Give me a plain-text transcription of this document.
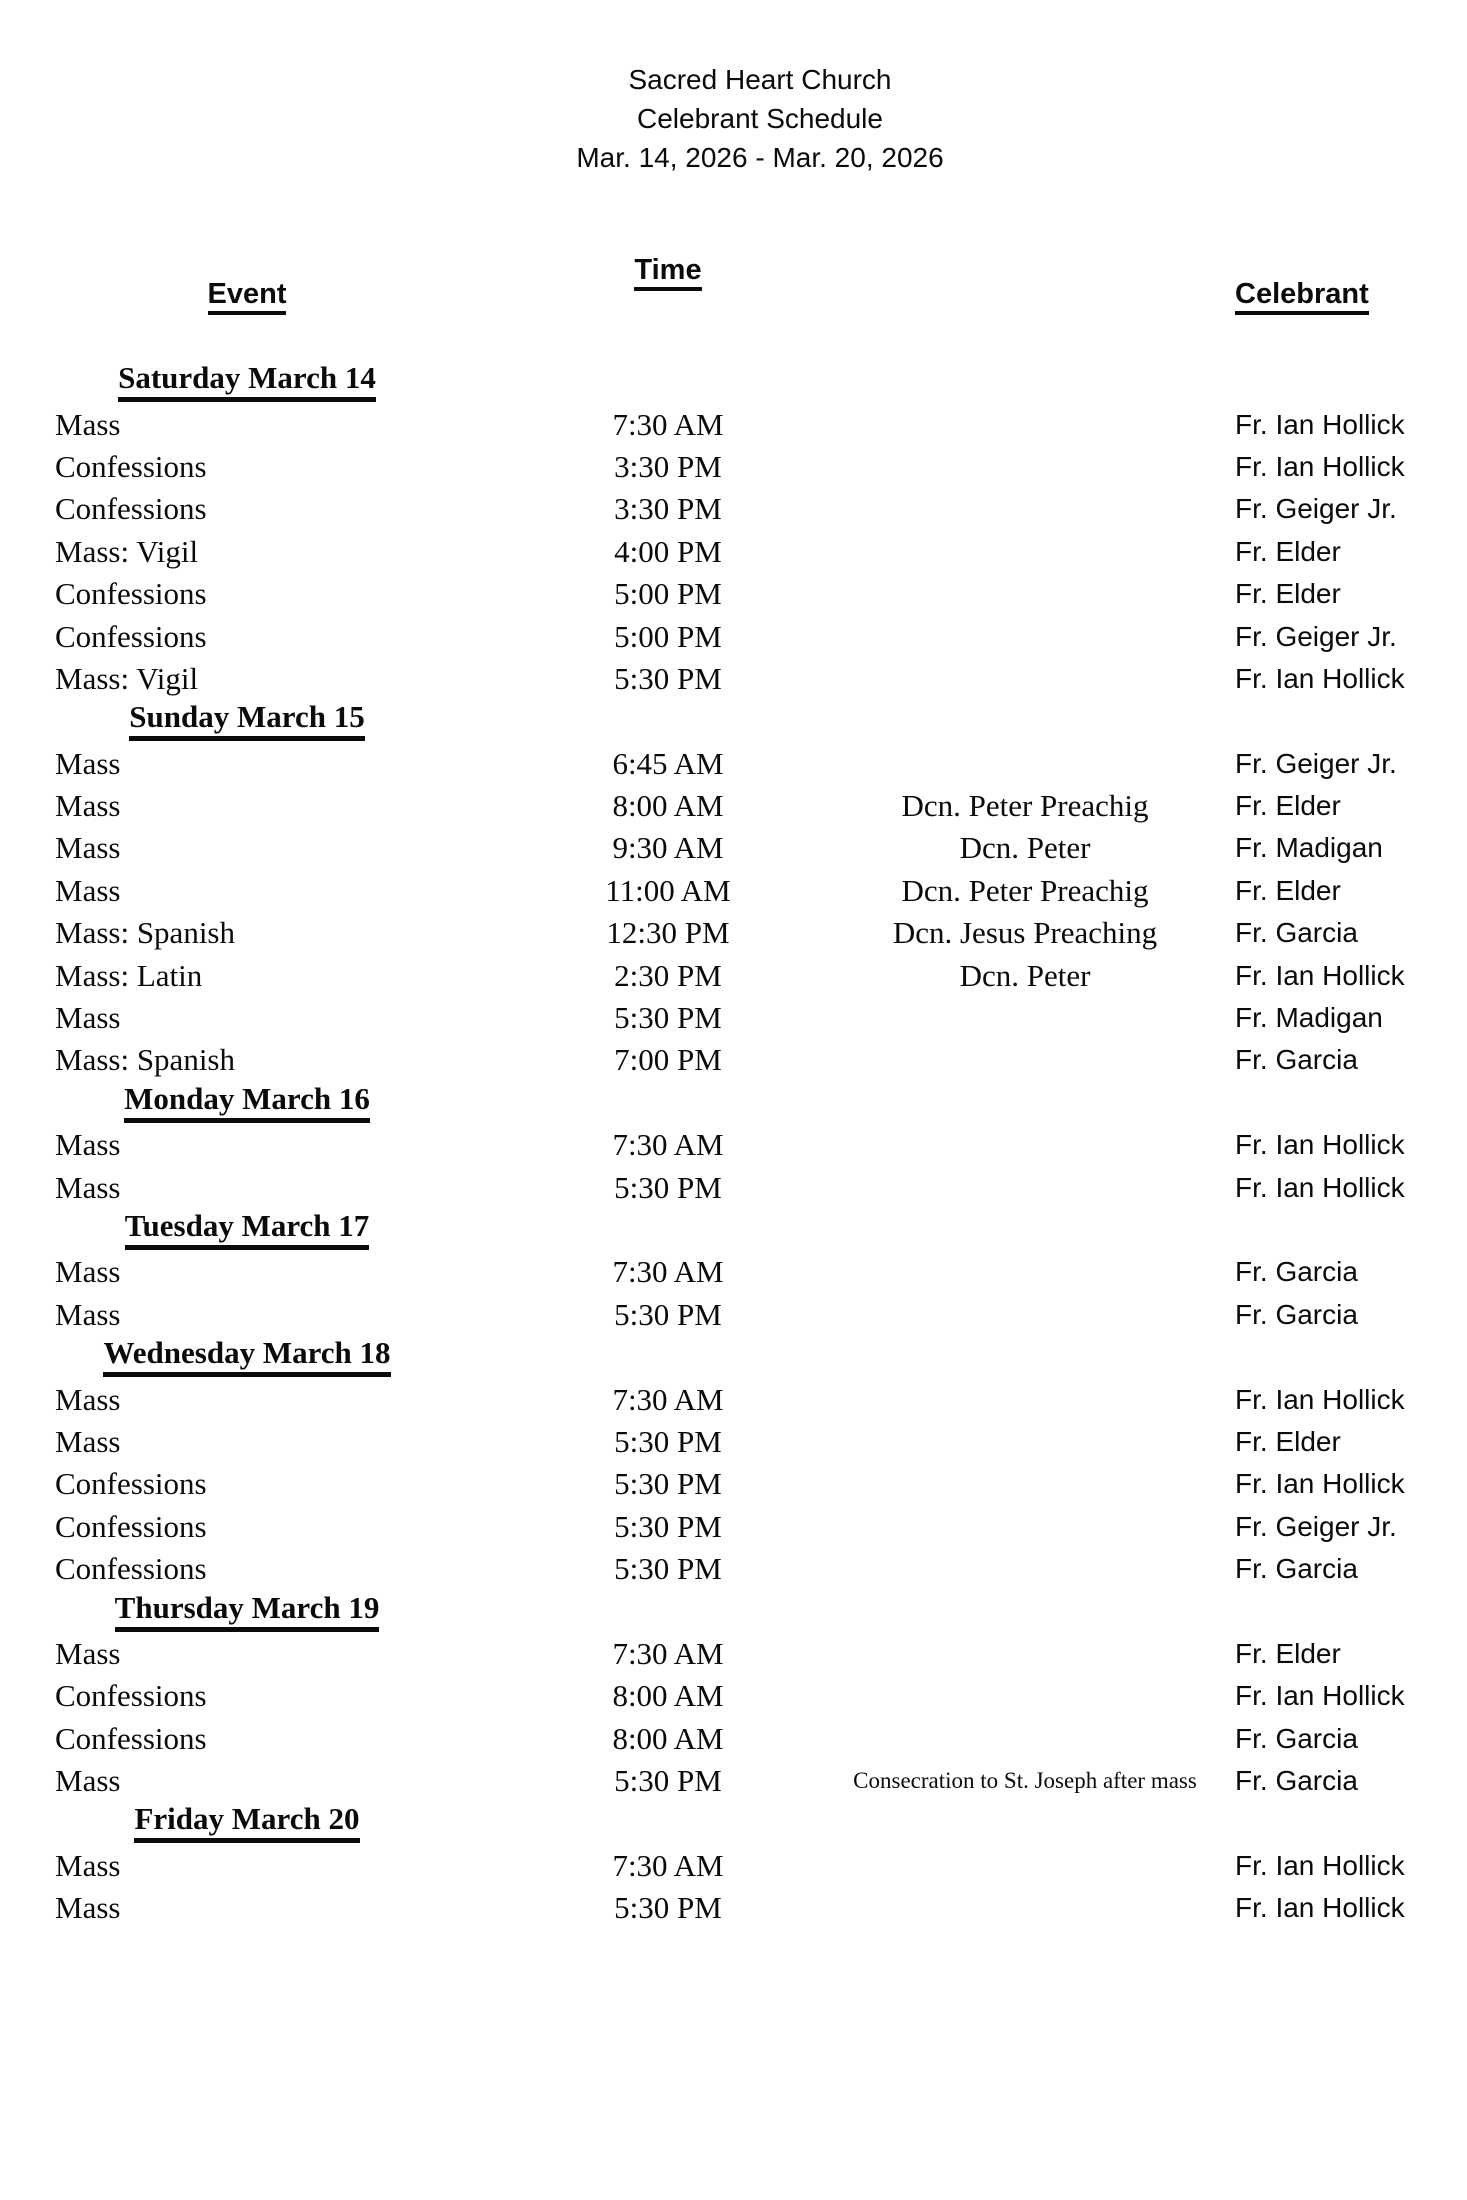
Sacred Heart Church
Celebrant Schedule
Mar. 14, 2026 - Mar. 20, 2026
Event
Time
Celebrant
Saturday March 14
Mass	7:30 AM	Fr. Ian Hollick
Confessions	3:30 PM	Fr. Ian Hollick
Confessions	3:30 PM	Fr. Geiger Jr.
Mass: Vigil	4:00 PM	Fr. Elder
Confessions	5:00 PM	Fr. Elder
Confessions	5:00 PM	Fr. Geiger Jr.
Mass: Vigil	5:30 PM	Fr. Ian Hollick
Sunday March 15
Mass	6:45 AM	Fr. Geiger Jr.
Mass	8:00 AM	Dcn. Peter Preachig	Fr. Elder
Mass	9:30 AM	Dcn. Peter	Fr. Madigan
Mass	11:00 AM	Dcn. Peter Preachig	Fr. Elder
Mass: Spanish	12:30 PM	Dcn. Jesus Preaching	Fr. Garcia
Mass: Latin	2:30 PM	Dcn. Peter	Fr. Ian Hollick
Mass	5:30 PM	Fr. Madigan
Mass: Spanish	7:00 PM	Fr. Garcia
Monday March 16
Mass	7:30 AM	Fr. Ian Hollick
Mass	5:30 PM	Fr. Ian Hollick
Tuesday March 17
Mass	7:30 AM	Fr. Garcia
Mass	5:30 PM	Fr. Garcia
Wednesday March 18
Mass	7:30 AM	Fr. Ian Hollick
Mass	5:30 PM	Fr. Elder
Confessions	5:30 PM	Fr. Ian Hollick
Confessions	5:30 PM	Fr. Geiger Jr.
Confessions	5:30 PM	Fr. Garcia
Thursday March 19
Mass	7:30 AM	Fr. Elder
Confessions	8:00 AM	Fr. Ian Hollick
Confessions	8:00 AM	Fr. Garcia
Mass	5:30 PM	Consecration to St. Joseph after mass Fr. Garcia
Friday March 20
Mass	7:30 AM	Fr. Ian Hollick
Mass	5:30 PM	Fr. Ian Hollick
